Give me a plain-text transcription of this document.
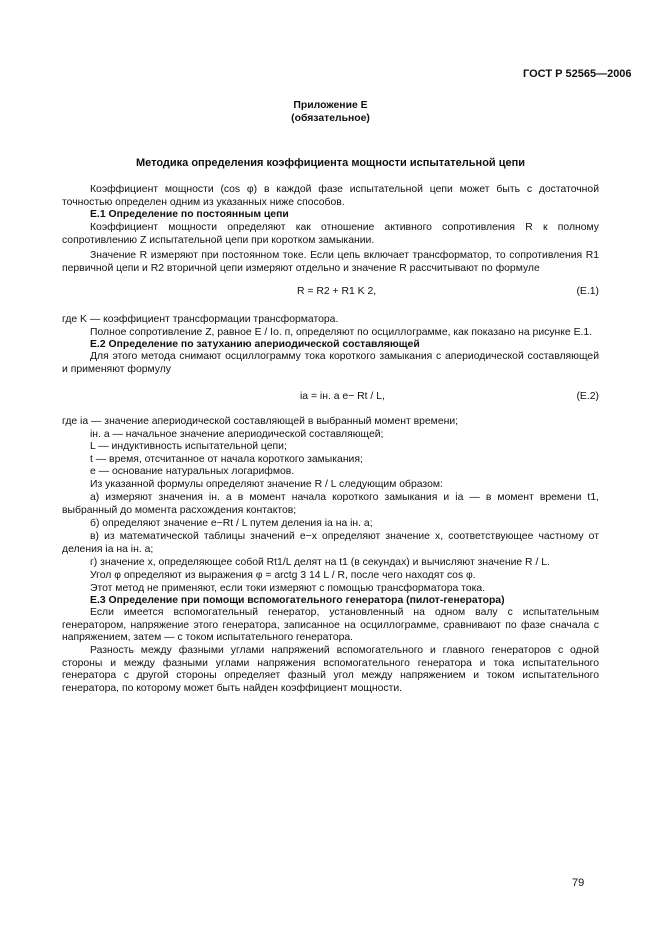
ГОСТ Р 52565—2006
Приложение Е
(обязательное)
Методика определения коэффициента мощности испытательной цепи
Коэффициент мощности (cos φ) в каждой фазе испытательной цепи может быть с достаточной точностью определен одним из указанных ниже способов.
Е.1 Определение по постоянным цепи
Коэффициент мощности определяют как отношение активного сопротивления R к полному сопротивлению Z испытательной цепи при коротком замыкании.
Значение R измеряют при постоянном токе. Если цепь включает трансформатор, то сопротивления R1 первичной цепи и R2 вторичной цепи измеряют отдельно и значение R рассчитывают по формуле
R = R2 + R1 K 2,	(Е.1)
где K — коэффициент трансформации трансформатора.
Полное сопротивление Z, равное E / Iо. п, определяют по осциллограмме, как показано на рисунке Е.1.
Е.2 Определение по затуханию апериодической составляющей
Для этого метода снимают осциллограмму тока короткого замыкания с апериодической составляющей и применяют формулу
ia = iн. а e− Rt / L,	(Е.2)
где ia — значение апериодической составляющей в выбранный момент времени;
iн. а — начальное значение апериодической составляющей;
L — индуктивность испытательной цепи;
t — время, отсчитанное от начала короткого замыкания;
e — основание натуральных логарифмов.
Из указанной формулы определяют значение R / L следующим образом:
а) измеряют значения iн. а в момент начала короткого замыкания и ia — в момент времени t1, выбранный до момента расхождения контактов;
б) определяют значение e−Rt / L путем деления ia на iн. а;
в) из математической таблицы значений e−x определяют значение x, соответствующее частному от деления ia на iн. а;
г) значение x, определяющее собой Rt1/L делят на t1 (в секундах) и вычисляют значение R / L.
Угол φ определяют из выражения φ = arctg 3 14 L / R, после чего находят cos φ.
Этот метод не применяют, если токи измеряют с помощью трансформатора тока.
Е.3 Определение при помощи вспомогательного генератора (пилот-генератора)
Если имеется вспомогательный генератор, установленный на одном валу с испытательным генератором, напряжение этого генератора, записанное на осциллограмме, сравнивают по фазе сначала с напряжением, затем — с током испытательного генератора.
Разность между фазными углами напряжений вспомогательного и главного генераторов с одной стороны и между фазными углами напряжения вспомогательного генератора и тока испытательного генератора с другой стороны определяет фазный угол между напряжением и током испытательного генератора, по которому может быть найден коэффициент мощности.
79
